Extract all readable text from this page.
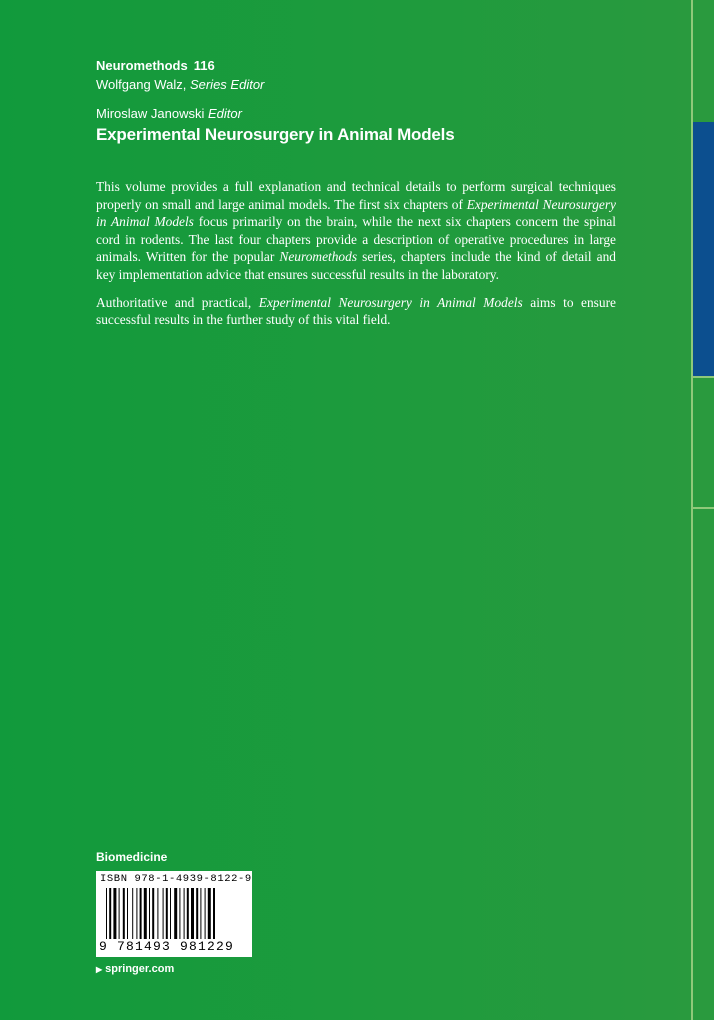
Neuromethods 116
Wolfgang Walz, Series Editor
Miroslaw Janowski Editor
Experimental Neurosurgery in Animal Models

This volume provides a full explanation and technical details to perform surgical techniques properly on small and large animal models. The first six chapters of Experimental Neurosurgery in Animal Models focus primarily on the brain, while the next six chapters concern the spinal cord in rodents. The last four chapters provide a description of operative procedures in large animals. Written for the popular Neuromethods series, chapters include the kind of detail and key implementation advice that ensures successful results in the laboratory.

Authoritative and practical, Experimental Neurosurgery in Animal Models aims to ensure successful results in the further study of this vital field.

Biomedicine
ISBN 978-1-4939-8122-9
9 781493 981229
▶ springer.com
